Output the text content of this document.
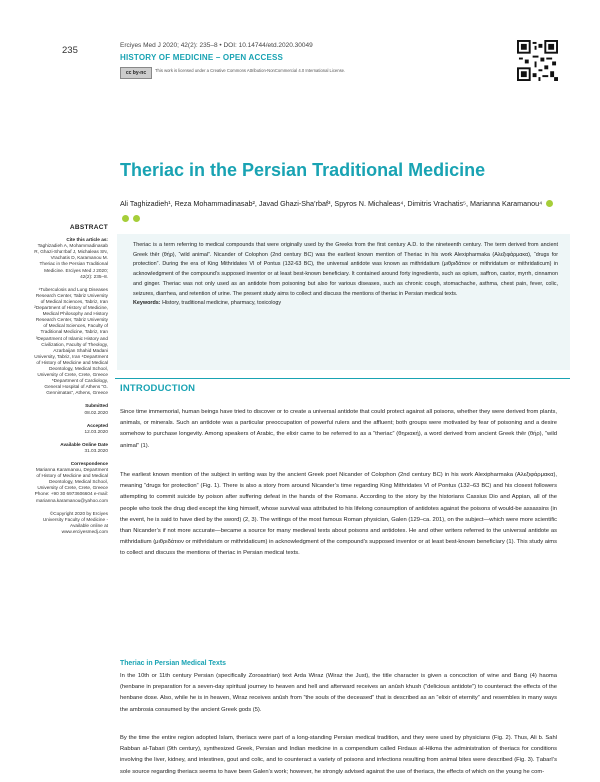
235	Erciyes Med J 2020; 42(2): 235–8 • DOI: 10.14744/etd.2020.30049
HISTORY OF MEDICINE – OPEN ACCESS
cc by-nc This work is licensed under a Creative Commons Attribution-NonCommercial 4.0 International License.
Theriac in the Persian Traditional Medicine
Ali Taghizadieh¹, Reza Mohammadinasab², Javad Ghazi-Sha’rbaf³, Spyros N. Michaleas⁴, Dimitris Vrachatis⁵, Marianna Karamanou⁴
ABSTRACT
Cite this article as:
Taghizadieh A, Mohammadinasab R, Ghazi-Sha’rbaf J, Michaleas SN, Vrachatis D, Karamanou M. Theriac in the Persian Traditional Medicine. Erciyes Med J 2020; 42(2): 235–8.
¹Tuberculosis and Lung Diseases Research Center, Tabriz University of Medical Sciences, Tabriz, Iran ²Department of History of Medicine, Medical Philosophy and History Research Center, Tabriz University of Medical Sciences, Faculty of Traditional Medicine, Tabriz, Iran ³Department of Islamic History and Civilization, Faculty of Theology, Azarbaijan Shahid Madani University, Tabriz, Iran ⁴Department of History of Medicine and Medical Deontology, Medical School, University of Crete, Crete, Greece ⁵Department of Cardiology, General Hospital of Athens “G. Gennimatas”, Athens, Greece
Submitted
08.02.2020
Accepted
12.03.2020
Available Online Date
31.03.2020
Correspondence
Marianna Karamanou, Department of History of Medicine and Medical Deontology, Medical School, University of Crete, Crete, Greece Phone: +90 30 6973606604 e-mail: marianna.karamanou@yahoo.com
©Copyright 2020 by Erciyes University Faculty of Medicine - Available online at www.erciyesmedj.com
Theriac is a term referring to medical compounds that were originally used by the Greeks from the first century A.D. to the nineteenth century. The term derived from ancient Greek thēr (θήρ), “wild animal”. Nicander of Colophon (2nd century BC) was the earliest known mention of Theriac in his work Alexipharmaka (Αλεξιφάρμακα), “drugs for protection”. During the era of King Mithridates VI of Pontus (132-63 BC), the universal antidote was known as mithridatium (μιθριδάτιον or mithridatum or mithridaticum) in acknowledgment of the compound’s supposed inventor or at least best-known beneficiary. It contained around forty ingredients, such as opium, saffron, castor, myrrh, cinnamon and ginger. Theriac was not only used as an antidote from poisoning but also for various diseases, such as chronic cough, stomachache, asthma, chest pain, fever, colic, seizures, diarrhea, and retention of urine. The present study aims to collect and discuss the mentions of theriac in Persian medical texts.
Keywords: History, traditional medicine, pharmacy, toxicology
INTRODUCTION
Since time immemorial, human beings have tried to discover or to create a universal antidote that could protect against all poisons, whether they were derived from plants, animals, or minerals. Such an antidote was a particular preoccupation of powerful rulers and the affluent; both groups were motivated by fear of poisoning and a desire somehow to purchase longevity. Among speakers of Arabic, the elixir came to be referred to as a “theriac” (θηριακή), a word derived from ancient Greek thēr (θήρ), “wild animal” (1).
The earliest known mention of the subject in writing was by the ancient Greek poet Nicander of Colophon (2nd century BC) in his work Alexipharmaka (Αλεξιφάρμακα), meaning “drugs for protection” (Fig. 1). There is also a story from around Nicander’s time regarding King Mithridates VI of Pontus (132–63 BC) and his closest followers attempting to commit suicide by poison after suffering defeat in the hands of the Romans. According to the story by the historians Cassius Dio and Appian, all of the people who took the drug died except the king himself, whose survival was attributed to his lifelong consumption of antidotes against the poisons of would-be assassins (in the event, he is said to have died by the sword) (2, 3). The writings of the most famous Roman physician, Galen (129–ca. 201), on the subject—which were more scientific than Nicander’s if not more accurate—became a source for many medieval texts about poisons and antidotes. He and other writers referred to the universal antidote as mithridatium (μιθριδάτιον or mithridatum or mithridaticum) in acknowledgment of the compound’s supposed inventor or at least best-known beneficiary (1). This study aims to collect and discuss the mentions of theriac in Persian medical texts.
Theriac in Persian Medical Texts
In the 10th or 11th century Persian (specifically Zoroastrian) text Arda Wiraz (Wiraz the Just), the title character is given a concoction of wine and Bang (4) haoma (henbane in preparation for a seven-day spiritual journey to heaven and hell and afterward receives an anūsh khush (“delicious antidote”) to counteract the effects of the henbane dose. Also, while he is in heaven, Wiraz receives anūsh from “the souls of the deceased” that is described as an “elixir of eternity” and resembles in many ways the ambrosia consumed by the ancient Greek gods (5).
By the time the entire region adopted Islam, theriacs were part of a long-standing Persian medical tradition, and they were used by physicians (Fig. 2). Thus, Ali b. Sahl Rabban al-Tabari (9th century), synthesized Greek, Persian and Indian medicine in a compendium called Firdaus al-Hikma the administration of theriacs for conditions involving the liver, kidney, and intestines, gout and colic, and to counteract a variety of poisons and infections resulting from animal bites were described (Fig. 3). Ṭabarī’s sole source regarding theriacs seems to have been Galen’s work; however, he strongly advised against the use of theriacs, the effects of which on the young he com-
